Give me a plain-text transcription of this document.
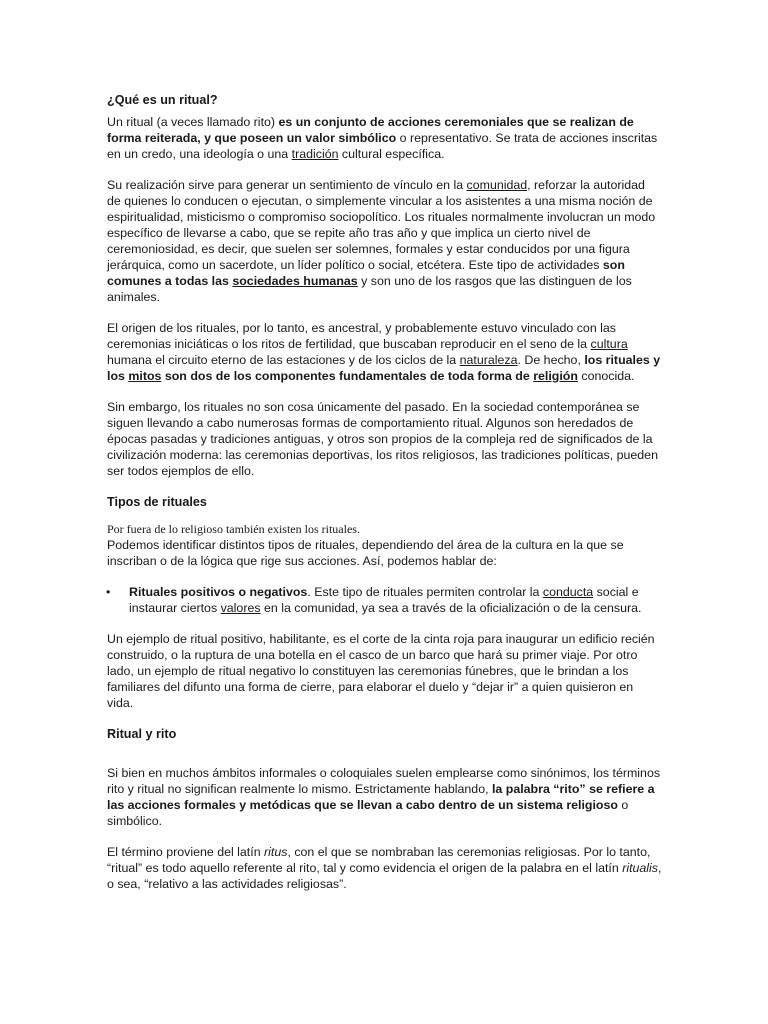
¿Qué es un ritual?

Un ritual (a veces llamado rito) es un conjunto de acciones ceremoniales que se realizan de forma reiterada, y que poseen un valor simbólico o representativo. Se trata de acciones inscritas en un credo, una ideología o una tradición cultural específica.

Su realización sirve para generar un sentimiento de vínculo en la comunidad, reforzar la autoridad de quienes lo conducen o ejecutan, o simplemente vincular a los asistentes a una misma noción de espiritualidad, misticismo o compromiso sociopolítico. Los rituales normalmente involucran un modo específico de llevarse a cabo, que se repite año tras año y que implica un cierto nivel de ceremoniosidad, es decir, que suelen ser solemnes, formales y estar conducidos por una figura jerárquica, como un sacerdote, un líder político o social, etcétera. Este tipo de actividades son comunes a todas las sociedades humanas y son uno de los rasgos que las distinguen de los animales.

El origen de los rituales, por lo tanto, es ancestral, y probablemente estuvo vinculado con las ceremonias iniciáticas o los ritos de fertilidad, que buscaban reproducir en el seno de la cultura humana el circuito eterno de las estaciones y de los ciclos de la naturaleza. De hecho, los rituales y los mitos son dos de los componentes fundamentales de toda forma de religión conocida.

Sin embargo, los rituales no son cosa únicamente del pasado. En la sociedad contemporánea se siguen llevando a cabo numerosas formas de comportamiento ritual. Algunos son heredados de épocas pasadas y tradiciones antiguas, y otros son propios de la compleja red de significados de la civilización moderna: las ceremonias deportivas, los ritos religiosos, las tradiciones políticas, pueden ser todos ejemplos de ello.

Tipos de rituales

Por fuera de lo religioso también existen los rituales.

Podemos identificar distintos tipos de rituales, dependiendo del área de la cultura en la que se inscriban o de la lógica que rige sus acciones. Así, podemos hablar de:

• Rituales positivos o negativos. Este tipo de rituales permiten controlar la conducta social e instaurar ciertos valores en la comunidad, ya sea a través de la oficialización o de la censura.

Un ejemplo de ritual positivo, habilitante, es el corte de la cinta roja para inaugurar un edificio recién construido, o la ruptura de una botella en el casco de un barco que hará su primer viaje. Por otro lado, un ejemplo de ritual negativo lo constituyen las ceremonias fúnebres, que le brindan a los familiares del difunto una forma de cierre, para elaborar el duelo y “dejar ir” a quien quisieron en vida.

Ritual y rito

Si bien en muchos ámbitos informales o coloquiales suelen emplearse como sinónimos, los términos rito y ritual no significan realmente lo mismo. Estrictamente hablando, la palabra “rito” se refiere a las acciones formales y metódicas que se llevan a cabo dentro de un sistema religioso o simbólico.

El término proviene del latín ritus, con el que se nombraban las ceremonias religiosas. Por lo tanto, “ritual” es todo aquello referente al rito, tal y como evidencia el origen de la palabra en el latín ritualis, o sea, “relativo a las actividades religiosas”.
